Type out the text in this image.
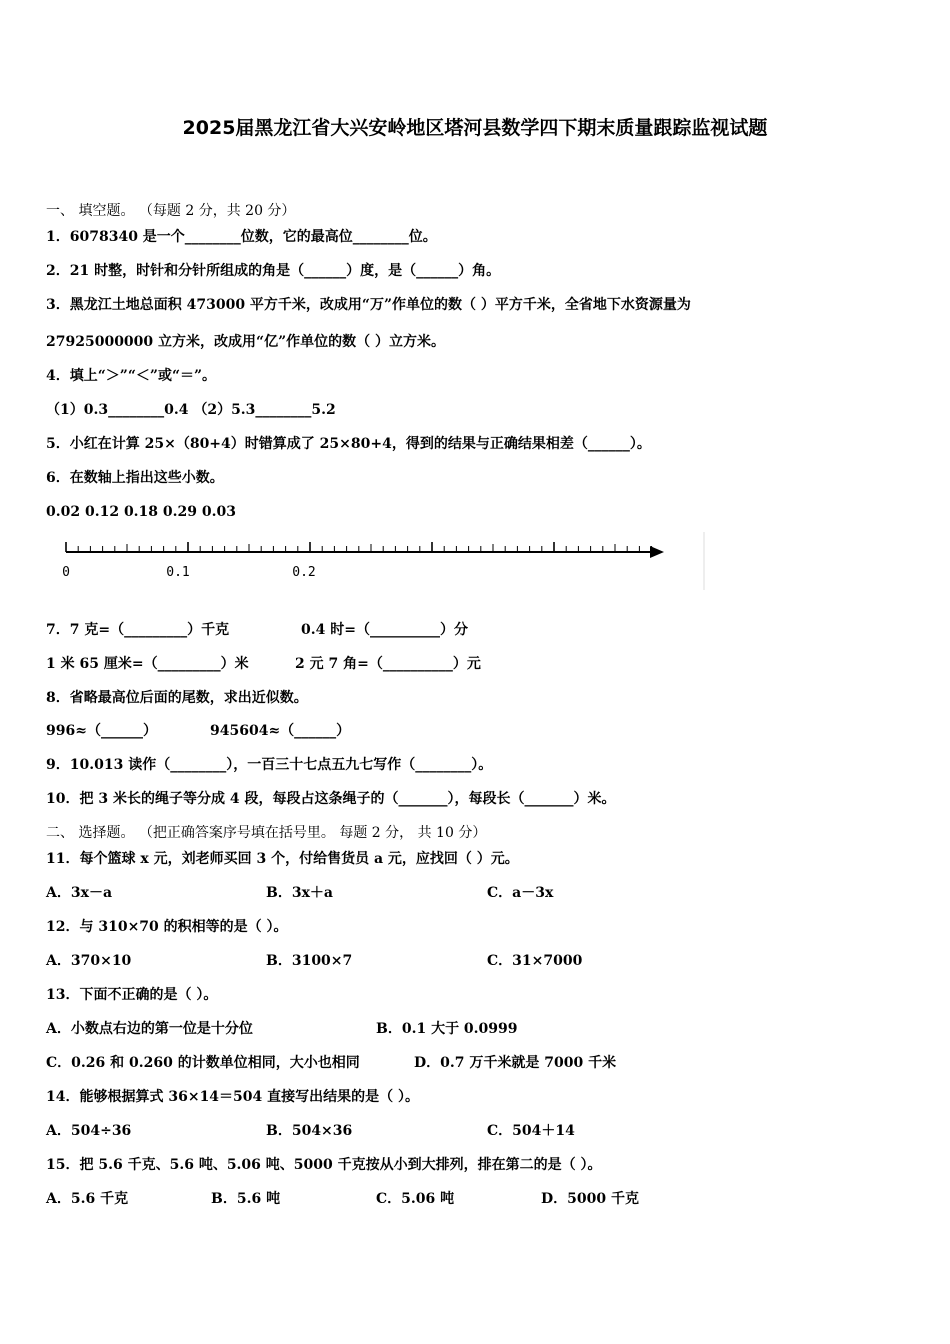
2025届黑龙江省大兴安岭地区塔河县数学四下期末质量跟踪监视试题
一、 填空题。 （每题 2 分，共 20 分）
1．6078340 是一个________位数，它的最高位________位。
2．21 时整，时针和分针所组成的角是（______）度，是（______）角。
3．黑龙江土地总面积 473000 平方千米，改成用“万”作单位的数（ ）平方千米，全省地下水资源量为
27925000000 立方米，改成用“亿”作单位的数（ ）立方米。
4．填上“＞”“＜”或“＝”。
（1）0.3________0.4 （2）5.3________5.2
5．小红在计算 25×（80+4）时错算成了 25×80+4，得到的结果与正确结果相差（______）。
6．在数轴上指出这些小数。
0.02 0.12 0.18 0.29 0.03
0	0.1	0.2
7．7 克=（_________）千克	0.4 时=（__________）分
1 米 65 厘米=（_________）米	2 元 7 角=（__________）元
8．省略最高位后面的尾数，求出近似数。
996≈（______）	945604≈（______）
9．10.013 读作（________），一百三十七点五九七写作（________）。
10．把 3 米长的绳子等分成 4 段，每段占这条绳子的（_______），每段长（_______）米。
二、 选择题。 （把正确答案序号填在括号里。 每题 2 分， 共 10 分）
11．每个篮球 x 元，刘老师买回 3 个，付给售货员 a 元，应找回（ ）元。
A．3x－a	B．3x＋a	C．a－3x
12．与 310×70 的积相等的是（ ）。
A．370×10	B．3100×7	C．31×7000
13．下面不正确的是（ ）。
A．小数点右边的第一位是十分位	B．0.1 大于 0.0999
C．0.26 和 0.260 的计数单位相同，大小也相同	D．0.7 万千米就是 7000 千米
14．能够根据算式 36×14＝504 直接写出结果的是（ ）。
A．504÷36	B．504×36	C．504＋14
15．把 5.6 千克、5.6 吨、5.06 吨、5000 千克按从小到大排列，排在第二的是（ ）。
A．5.6 千克	B．5.6 吨	C．5.06 吨	D．5000 千克
